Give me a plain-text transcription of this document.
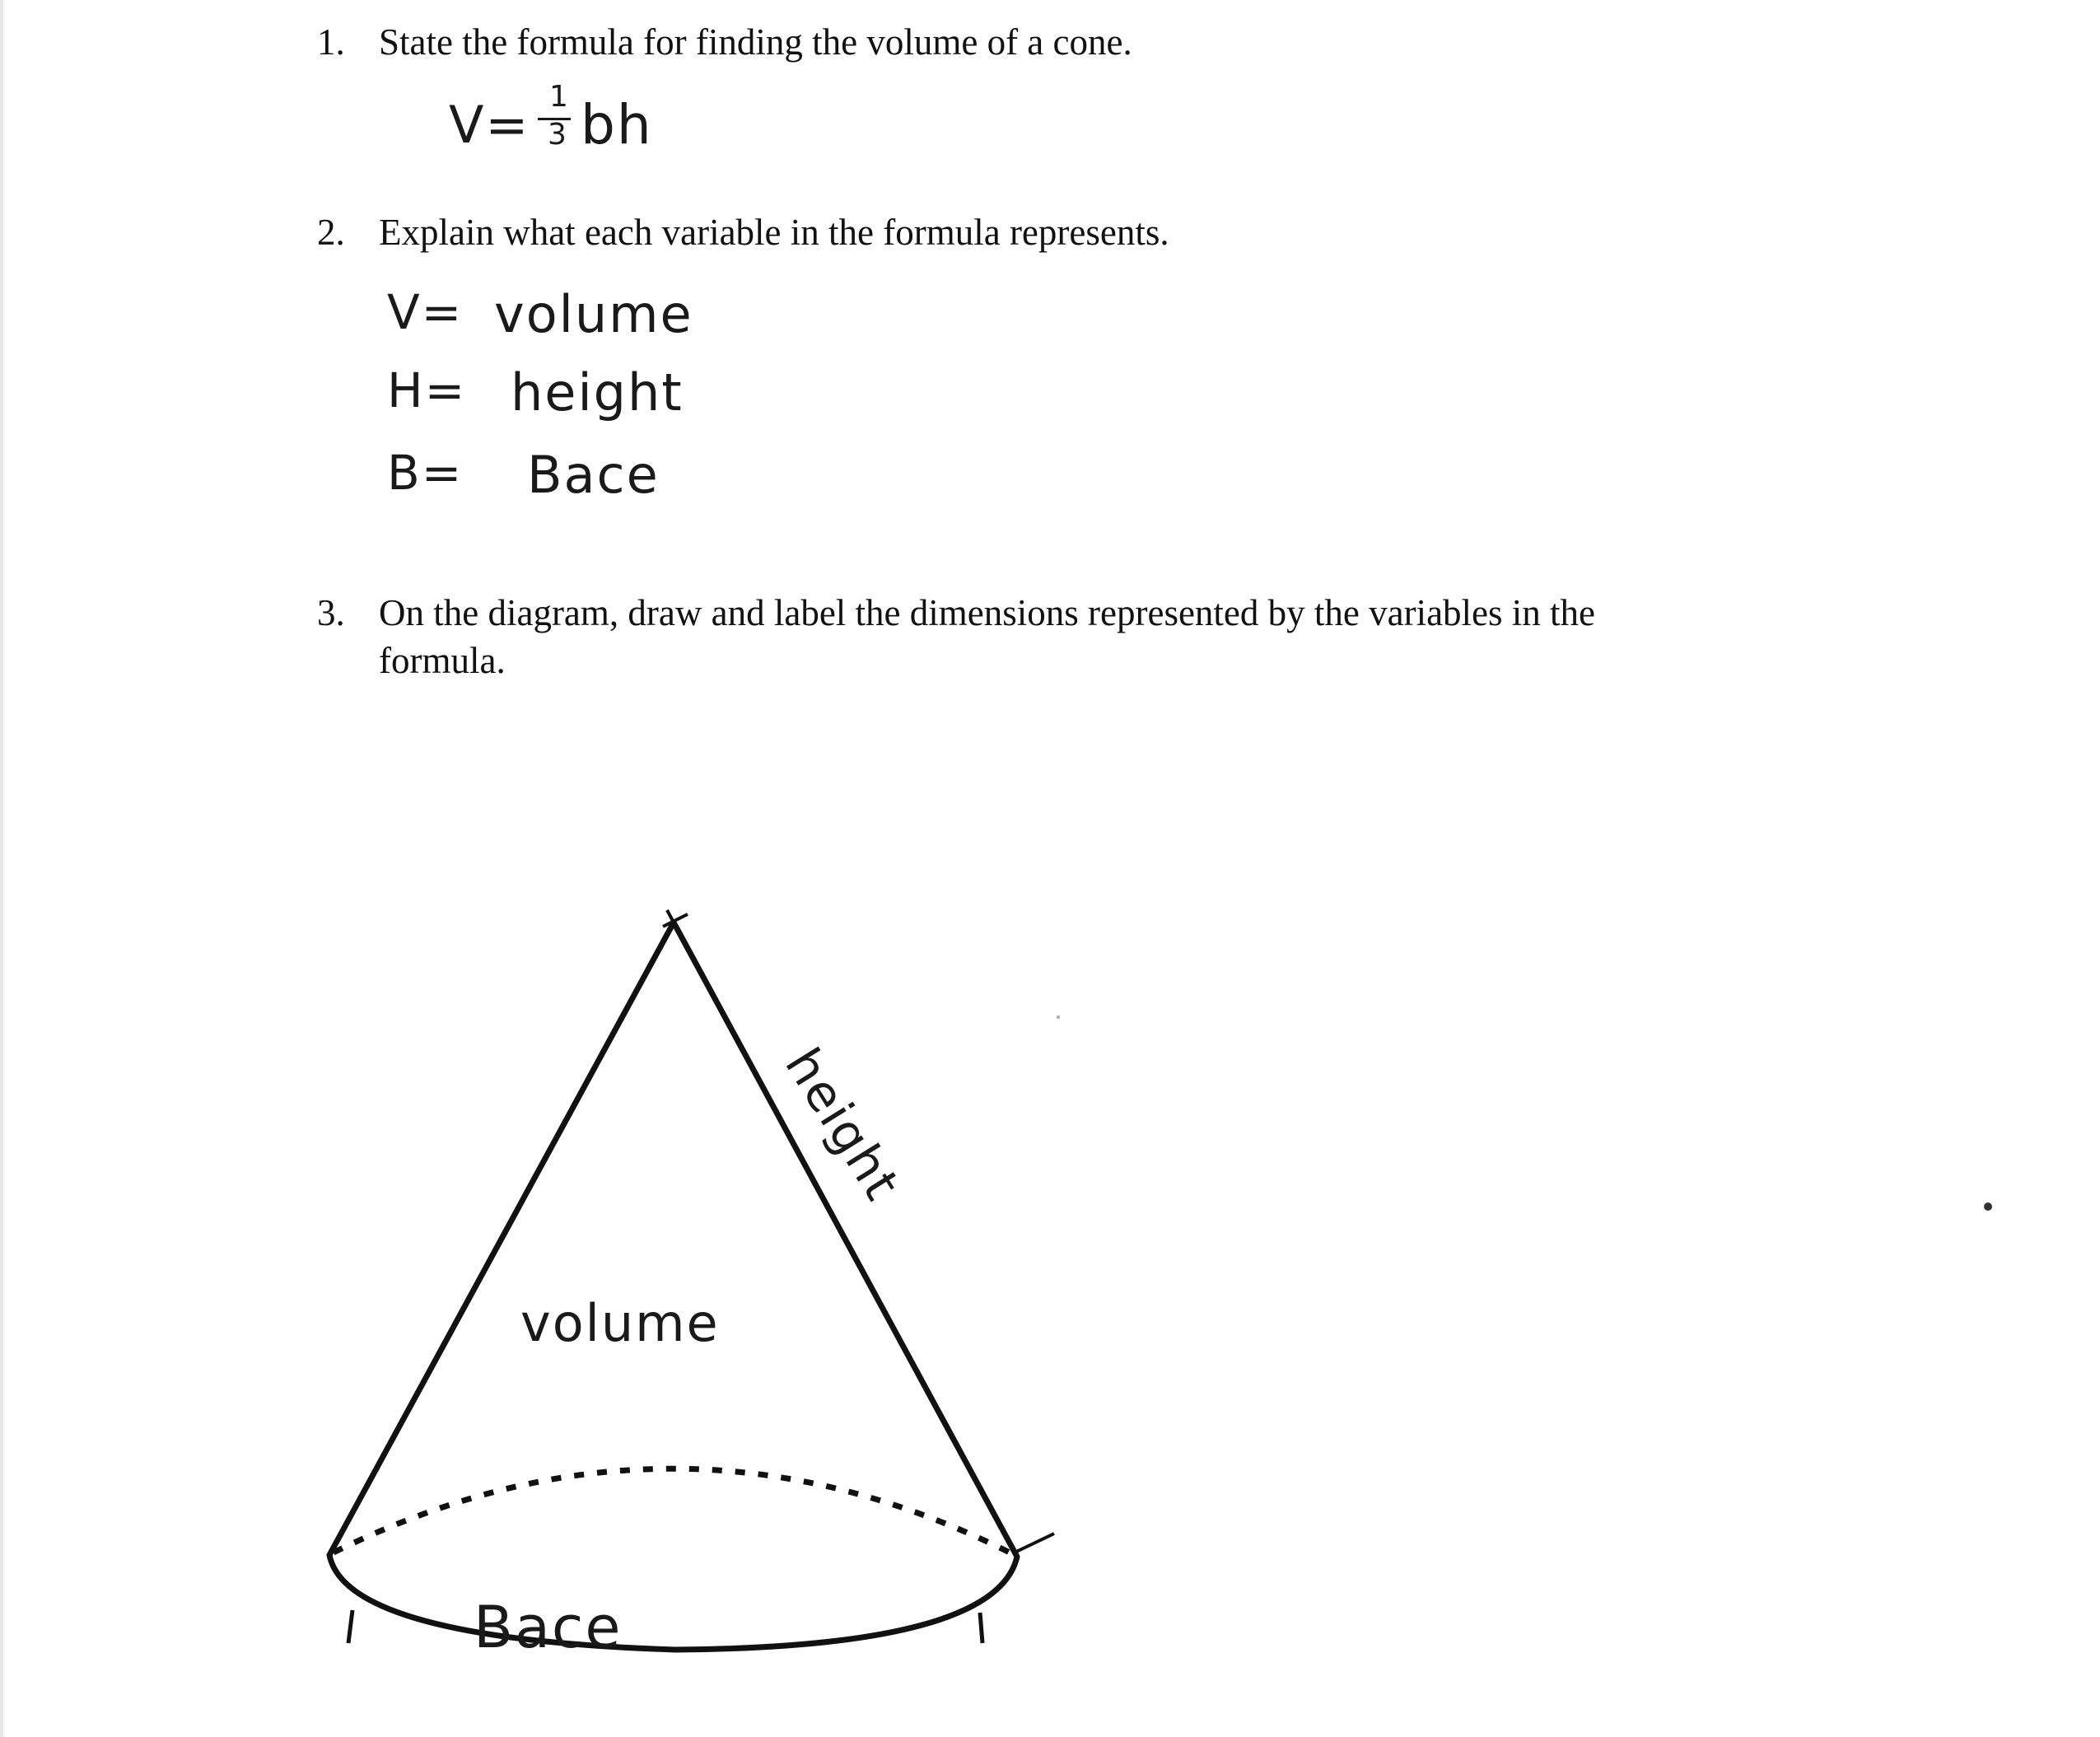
1. State the formula for finding the volume of a cone.
V= 1
3 bh
2. Explain what each variable in the formula represents.
V= volume
H= height
B= Bace
3. On the diagram, draw and label the dimensions represented by the variables in the
formula.
volume
height
Bace
